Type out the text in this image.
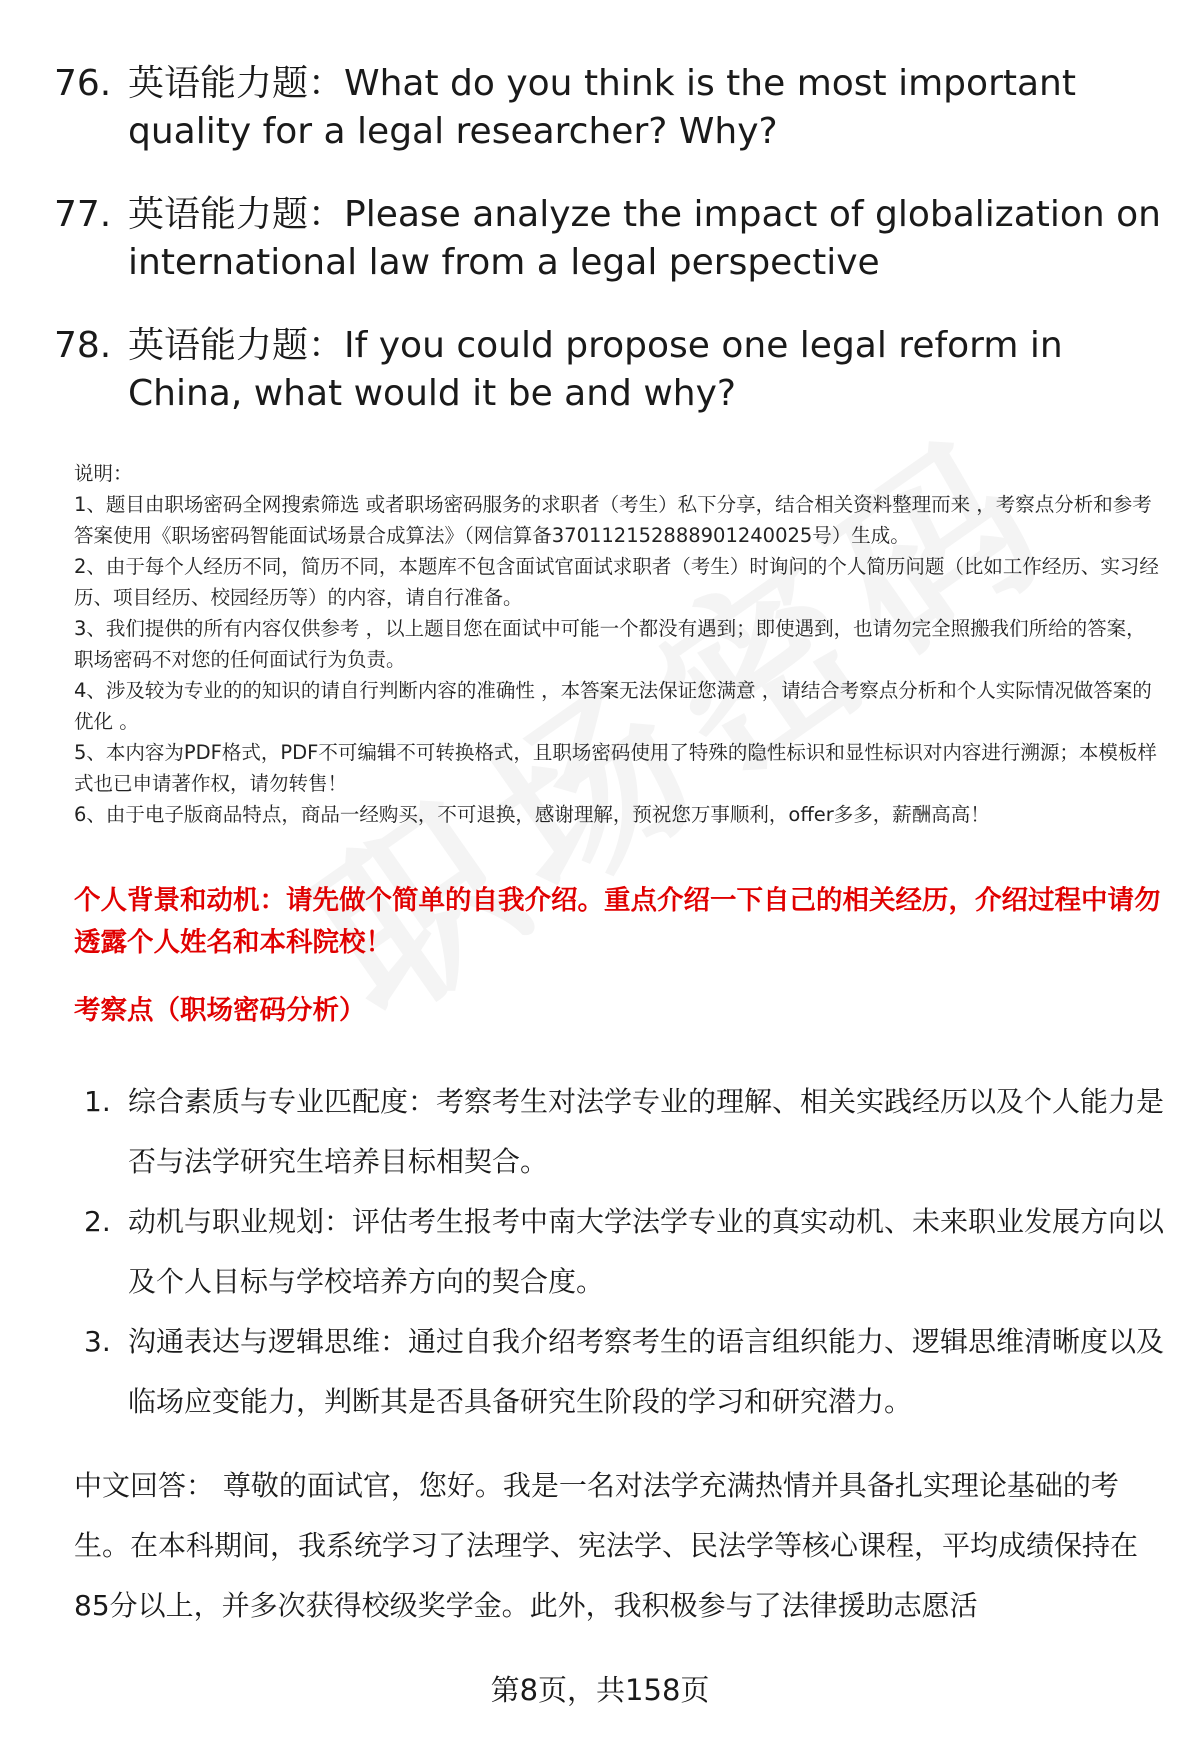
76. 英语能力题：What do you think is the most important quality for a legal researcher? Why?
77. 英语能力题：Please analyze the impact of globalization on international law from a legal perspective
78. 英语能力题：If you could propose one legal reform in China, what would it be and why?

说明：

1、题目由职场密码全网搜索筛选 或者职场密码服务的求职者（考生）私下分享，结合相关资料整理而来 ，考察点分析和参考答案使用《职场密码智能面试场景合成算法》（网信算备370112152888901240025号）生成。

2、由于每个人经历不同，简历不同，本题库不包含面试官面试求职者（考生）时询问的个人简历问题（比如工作经历、实习经历、项目经历、校园经历等）的内容，请自行准备。

3、我们提供的所有内容仅供参考 ，以上题目您在面试中可能一个都没有遇到；即使遇到，也请勿完全照搬我们所给的答案，职场密码不对您的任何面试行为负责。

4、涉及较为专业的的知识的请自行判断内容的准确性 ，本答案无法保证您满意 ，请结合考察点分析和个人实际情况做答案的优化 。

5、本内容为PDF格式，PDF不可编辑不可转换格式，且职场密码使用了特殊的隐性标识和显性标识对内容进行溯源；本模板样式也已申请著作权，请勿转售！

6、由于电子版商品特点，商品一经购买，不可退换，感谢理解，预祝您万事顺利，offer多多，薪酬高高！

个人背景和动机：请先做个简单的自我介绍。重点介绍一下自己的相关经历，介绍过程中请勿透露个人姓名和本科院校！
考察点（职场密码分析）
1. 综合素质与专业匹配度：考察考生对法学专业的理解、相关实践经历以及个人能力是否与法学研究生培养目标相契合。
2. 动机与职业规划：评估考生报考中南大学法学专业的真实动机、未来职业发展方向以及个人目标与学校培养方向的契合度。
3. 沟通表达与逻辑思维：通过自我介绍考察考生的语言组织能力、逻辑思维清晰度以及临场应变能力，判断其是否具备研究生阶段的学习和研究潜力。
中文回答： 尊敬的面试官，您好。我是一名对法学充满热情并具备扎实理论基础的考生。在本科期间，我系统学习了法理学、宪法学、民法学等核心课程，平均成绩保持在85分以上，并多次获得校级奖学金。此外，我积极参与了法律援助志愿活
第8页，共158页
